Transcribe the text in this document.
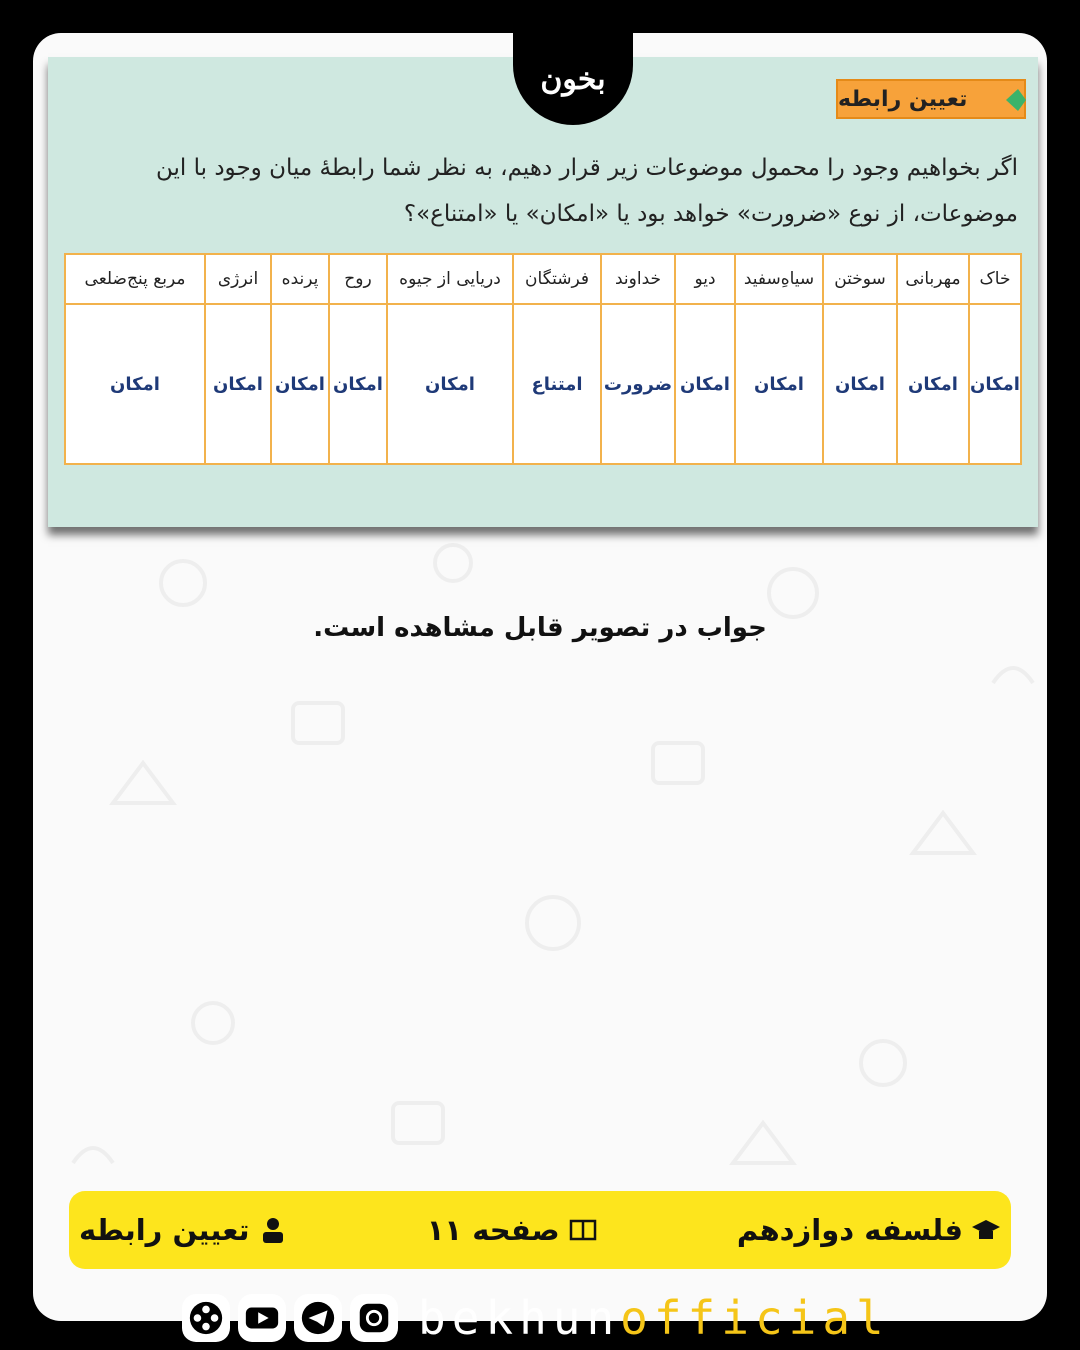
تعیین رابطه
اگر بخواهیم وجود را محمول موضوعات زیر قرار دهیم، به نظر شما رابطهٔ میان وجود با این موضوعات، از نوع «ضرورت» خواهد بود یا «امکان» یا «امتناع»؟
خاک	مهربانی	سوختن	سیاهِ‌سفید	دیو	خداوند	فرشتگان	دریایی از جیوه	روح	پرنده	انرژی	مربع پنج‌ضلعی
امکان	امکان	امکان	امکان	امکان	ضرورت	امتناع	امکان	امکان	امکان	امکان	امکان
بخون
جواب در تصویر قابل مشاهده است.
تعیین رابطه	صفحه ۱۱	فلسفه دوازدهم
bekhunofficial
